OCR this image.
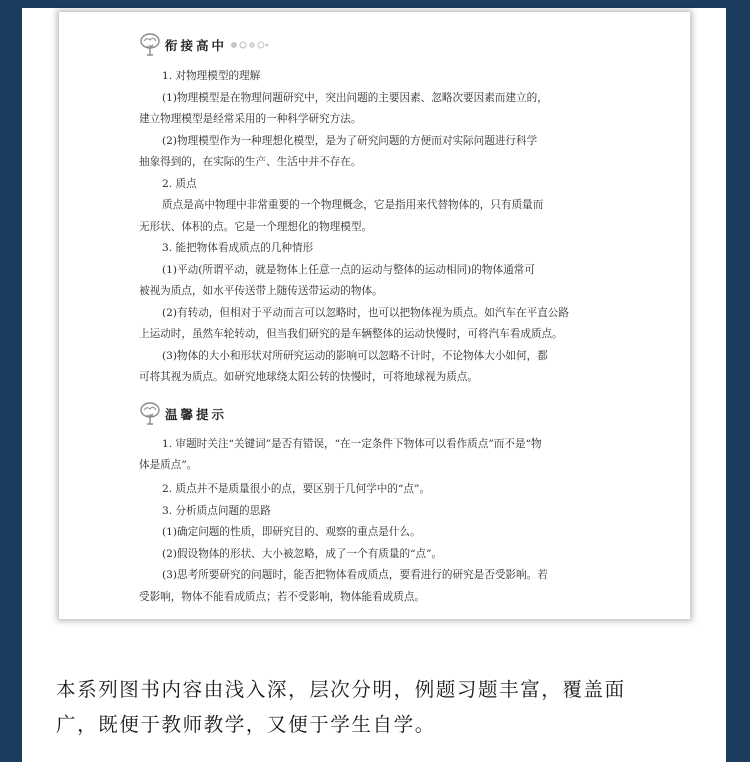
衔接高中
1. 对物理模型的理解
(1)物理模型是在物理问题研究中，突出问题的主要因素、忽略次要因素而建立的，
建立物理模型是经常采用的一种科学研究方法。
(2)物理模型作为一种理想化模型，是为了研究问题的方便而对实际问题进行科学
抽象得到的，在实际的生产、生活中并不存在。
2. 质点
质点是高中物理中非常重要的一个物理概念，它是指用来代替物体的，只有质量而
无形状、体积的点。它是一个理想化的物理模型。
3. 能把物体看成质点的几种情形
(1)平动(所谓平动，就是物体上任意一点的运动与整体的运动相同)的物体通常可
被视为质点，如水平传送带上随传送带运动的物体。
(2)有转动，但相对于平动而言可以忽略时，也可以把物体视为质点。如汽车在平直公路
上运动时，虽然车轮转动，但当我们研究的是车辆整体的运动快慢时，可将汽车看成质点。
(3)物体的大小和形状对所研究运动的影响可以忽略不计时，不论物体大小如何，都
可将其视为质点。如研究地球绕太阳公转的快慢时，可将地球视为质点。
温馨提示
1. 审题时关注“关键词”是否有错误，“在一定条件下物体可以看作质点”而不是“物
体是质点”。
2. 质点并不是质量很小的点，要区别于几何学中的“点”。
3. 分析质点问题的思路
(1)确定问题的性质，即研究目的、观察的重点是什么。
(2)假设物体的形状、大小被忽略，成了一个有质量的“点”。
(3)思考所要研究的问题时，能否把物体看成质点，要看进行的研究是否受影响。若
受影响，物体不能看成质点；若不受影响，物体能看成质点。
本系列图书内容由浅入深，层次分明，例题习题丰富，覆盖面
广，既便于教师教学，又便于学生自学。
